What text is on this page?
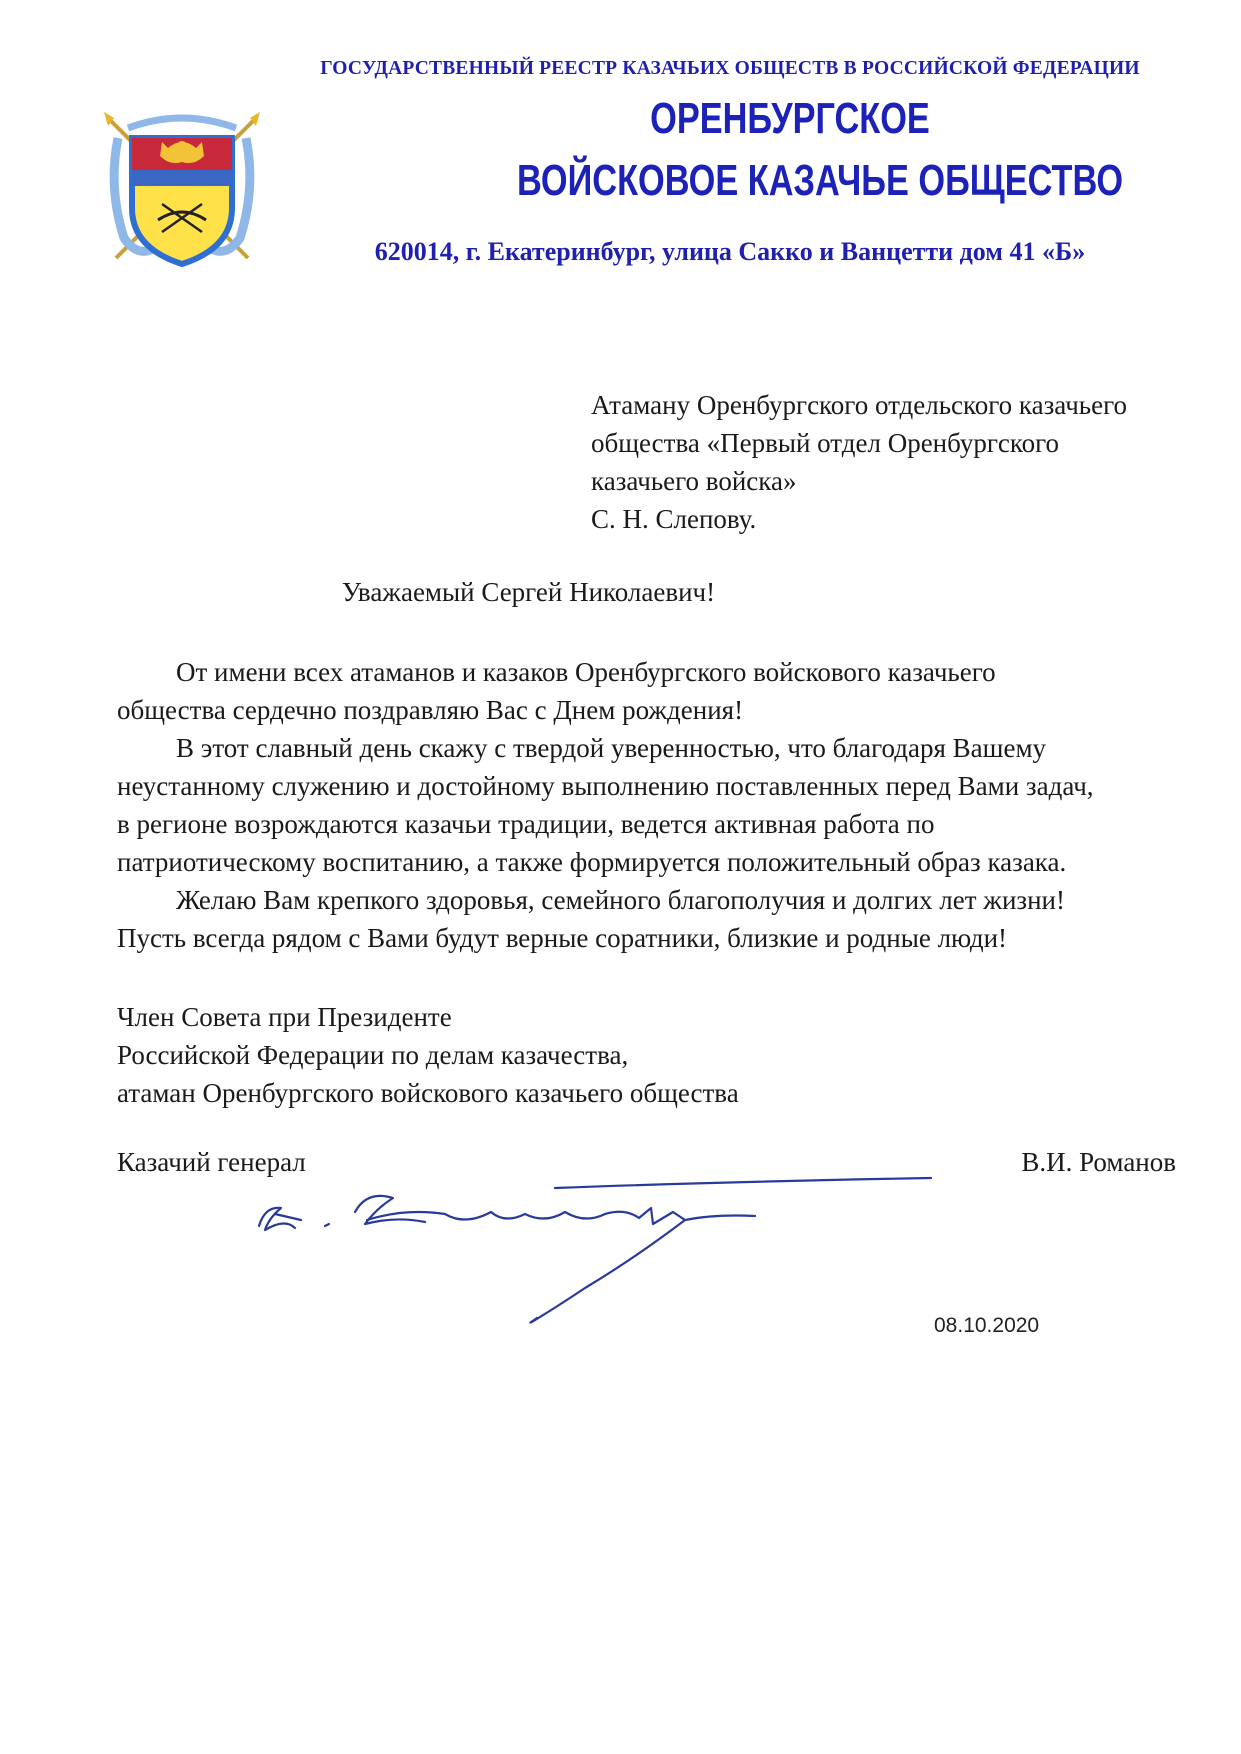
ГОСУДАРСТВЕННЫЙ РЕЕСТР КАЗАЧЬИХ ОБЩЕСТВ В РОССИЙСКОЙ ФЕДЕРАЦИИ
ОРЕНБУРГСКОЕ
ВОЙСКОВОЕ КАЗАЧЬЕ ОБЩЕСТВО
620014, г. Екатеринбург, улица Сакко и Ванцетти дом 41 «Б»
Атаману Оренбургского отдельского казачьего
общества «Первый отдел Оренбургского
казачьего войска»
С. Н. Слепову.
Уважаемый Сергей Николаевич!

От имени всех атаманов и казаков Оренбургского войскового казачьего

общества сердечно поздравляю Вас с Днем рождения!

В этот славный день скажу с твердой уверенностью, что благодаря Вашему

неустанному служению и достойному выполнению поставленных перед Вами задач,

в регионе возрождаются казачьи традиции, ведется активная работа по

патриотическому воспитанию, а также формируется положительный образ казака.

Желаю Вам крепкого здоровья, семейного благополучия и долгих лет жизни!

Пусть всегда рядом с Вами будут верные соратники, близкие и родные люди!

Член Совета при Президенте
Российской Федерации по делам казачества,
атаман Оренбургского войскового казачьего общества
Казачий генерал	В.И. Романов
08.10.2020
